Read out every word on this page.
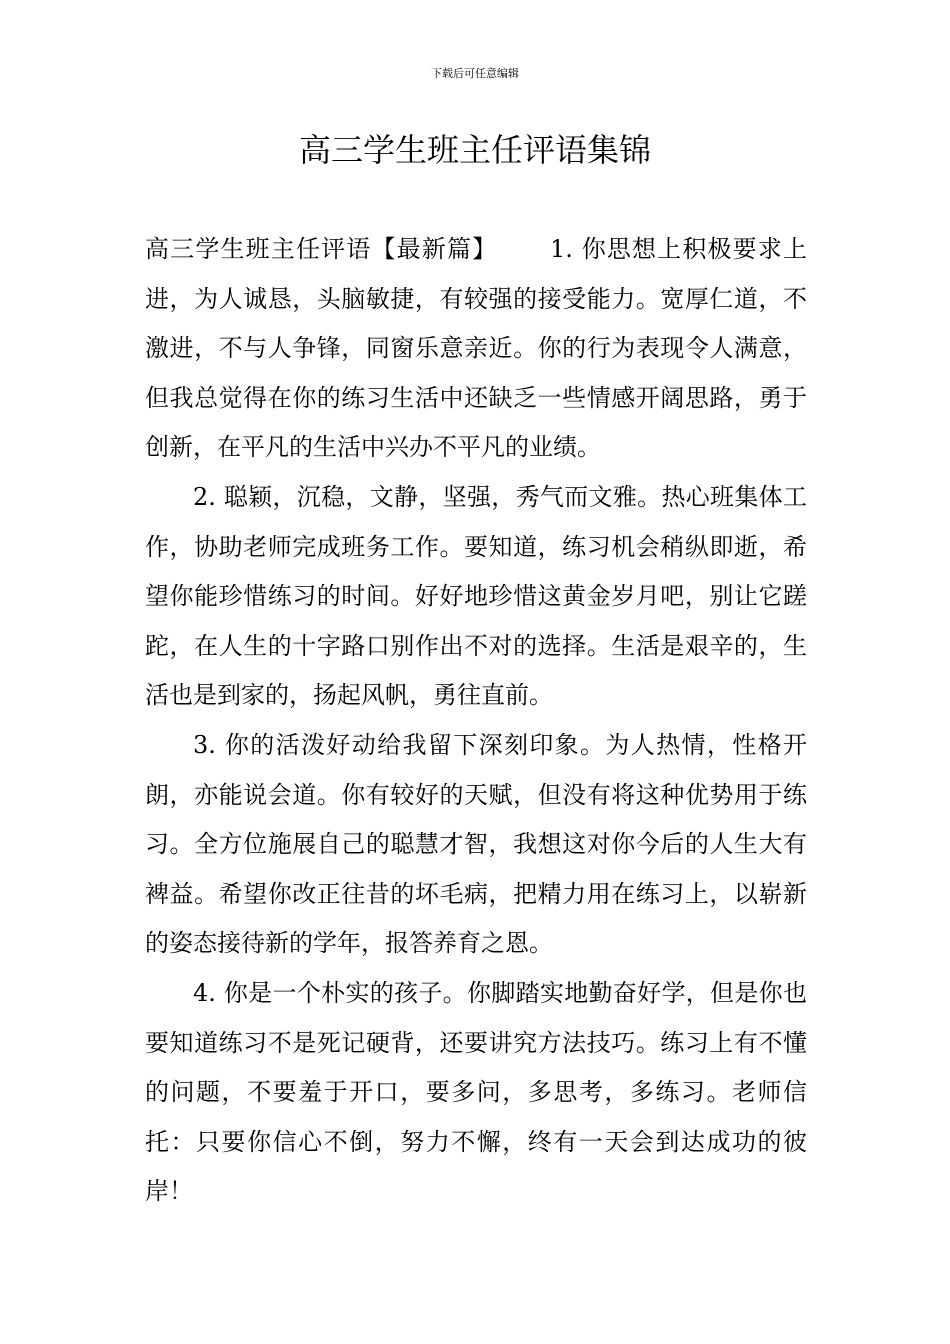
下载后可任意编辑
高三学生班主任评语集锦

高三学生班主任评语【最新篇】      1. 你思想上积极要求上进，为人诚恳，头脑敏捷，有较强的接受能力。宽厚仁道，不激进，不与人争锋，同窗乐意亲近。你的行为表现令人满意，但我总觉得在你的练习生活中还缺乏一些情感开阔思路，勇于创新，在平凡的生活中兴办不平凡的业绩。

2. 聪颖，沉稳，文静，坚强，秀气而文雅。热心班集体工作，协助老师完成班务工作。要知道，练习机会稍纵即逝，希望你能珍惜练习的时间。好好地珍惜这黄金岁月吧，别让它蹉跎，在人生的十字路口别作出不对的选择。生活是艰辛的，生活也是到家的，扬起风帆，勇往直前。

3. 你的活泼好动给我留下深刻印象。为人热情，性格开朗，亦能说会道。你有较好的天赋，但没有将这种优势用于练习。全方位施展自己的聪慧才智，我想这对你今后的人生大有裨益。希望你改正往昔的坏毛病，把精力用在练习上，以崭新的姿态接待新的学年，报答养育之恩。

4. 你是一个朴实的孩子。你脚踏实地勤奋好学，但是你也要知道练习不是死记硬背，还要讲究方法技巧。练习上有不懂的问题，不要羞于开口，要多问，多思考，多练习。老师信托：只要你信心不倒，努力不懈，终有一天会到达成功的彼岸！
